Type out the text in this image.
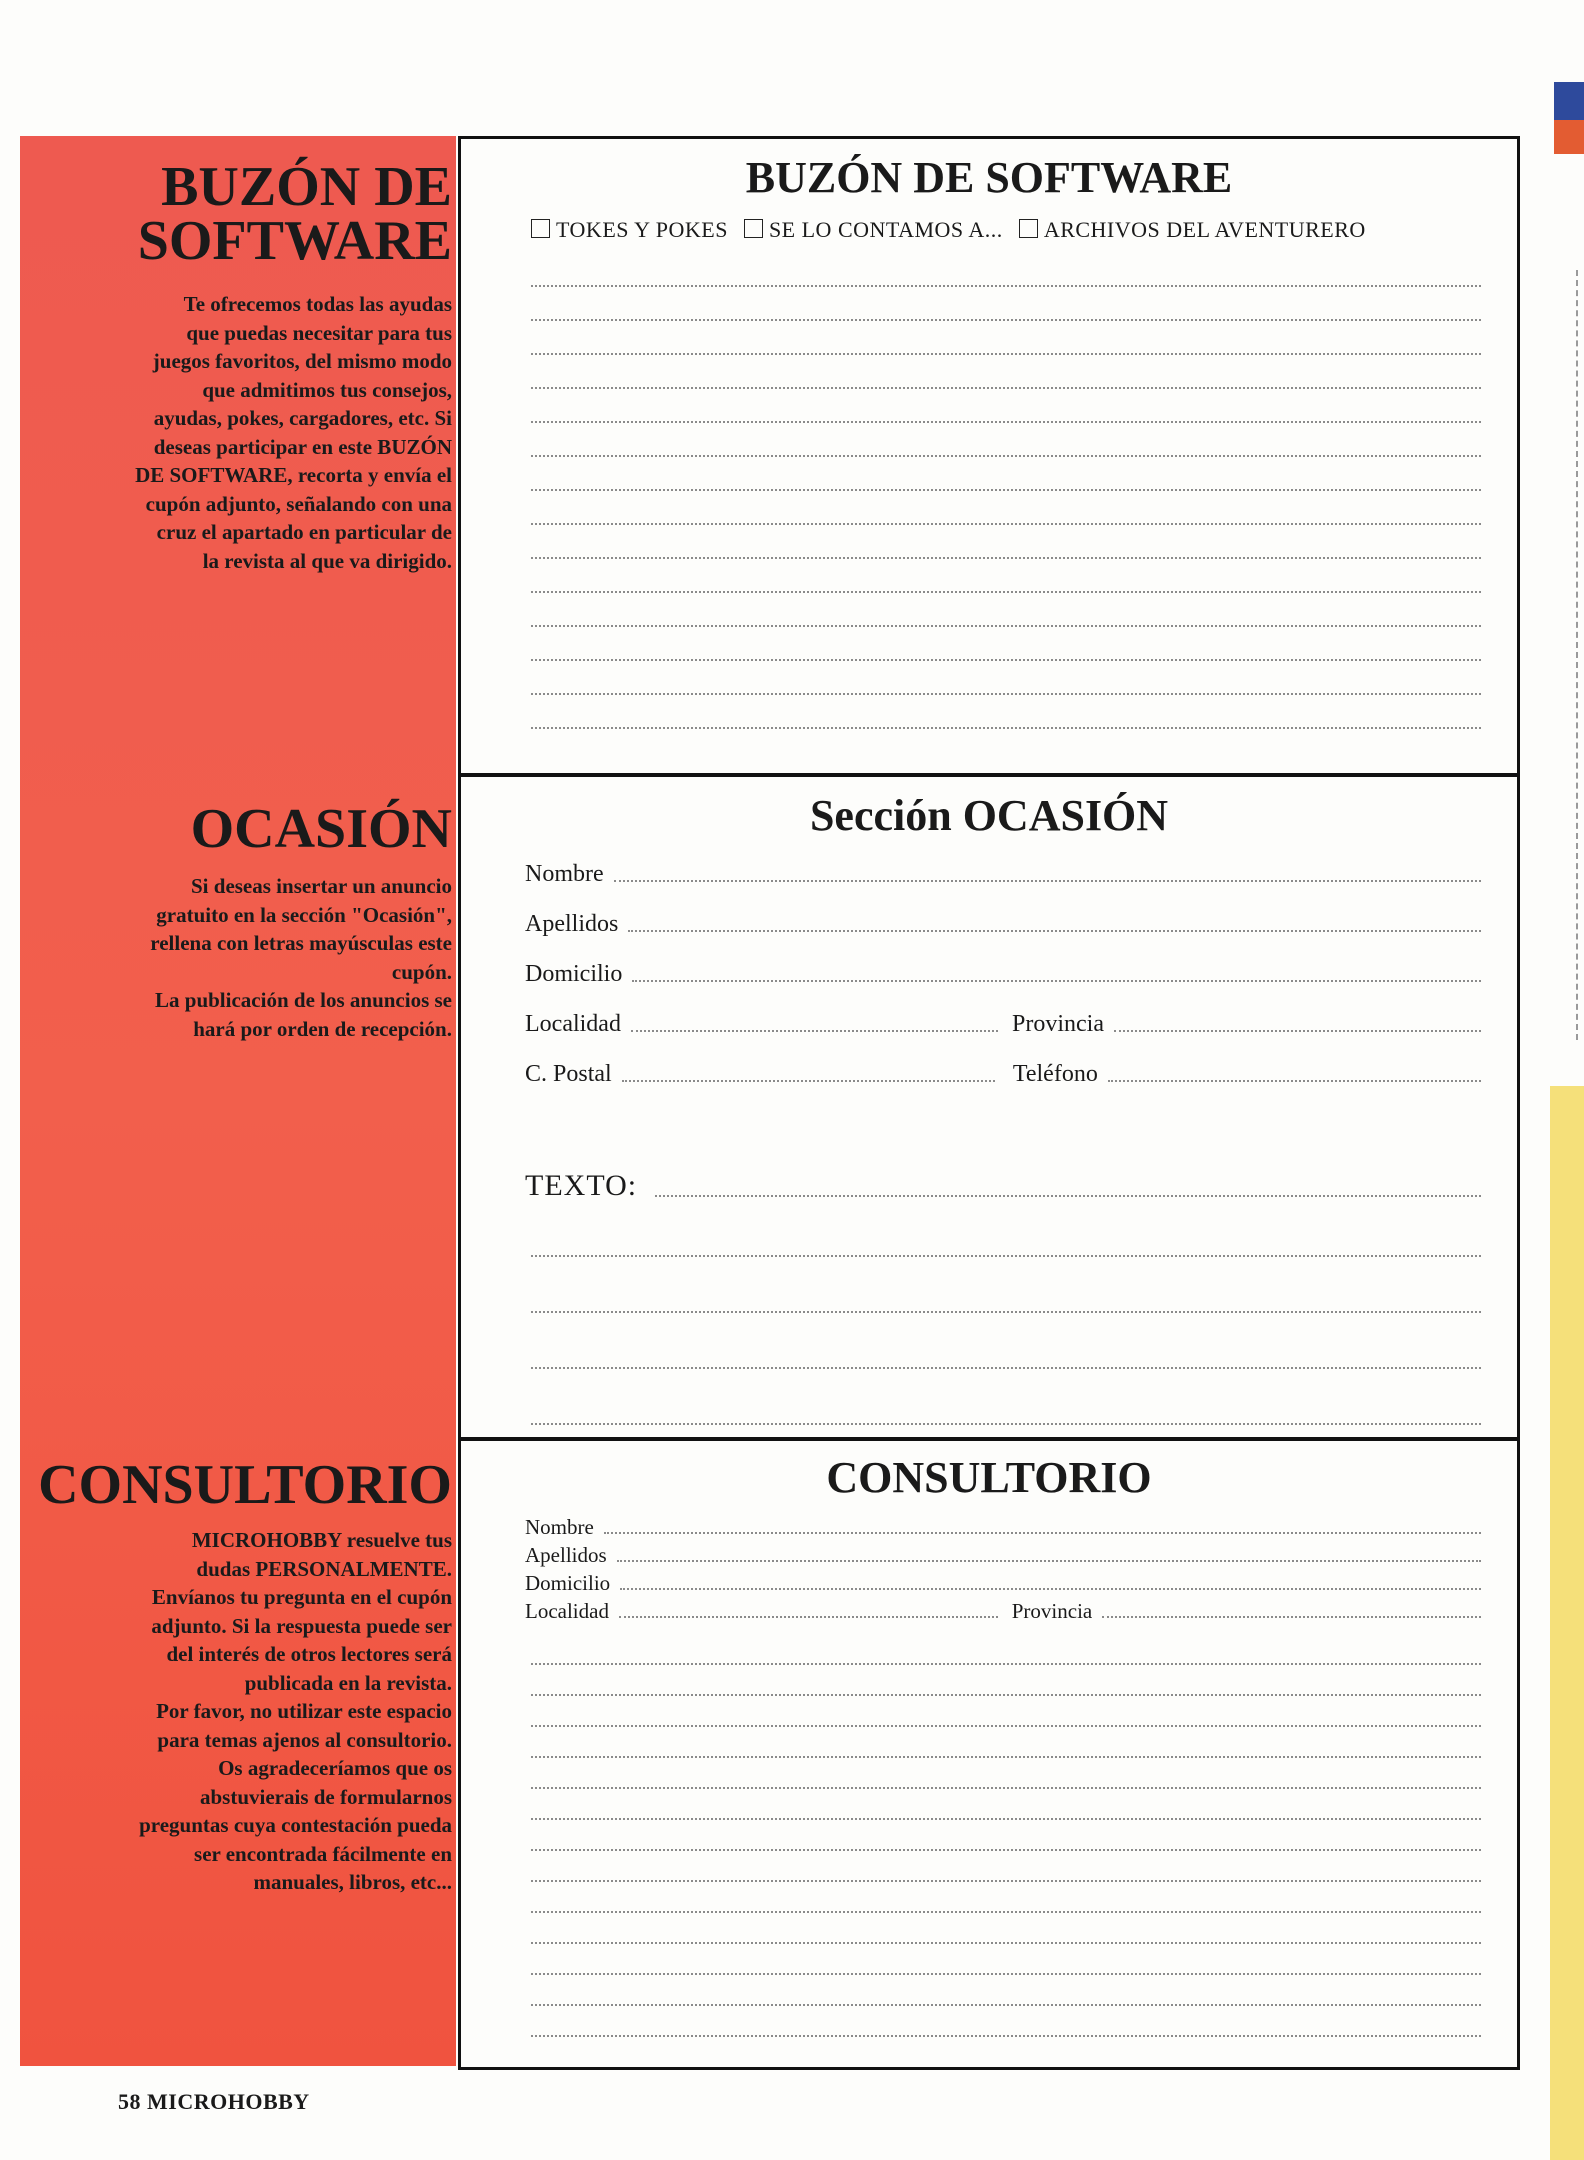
BUZÓN DE
SOFTWARE
Te ofrecemos todas las ayudas
que puedas necesitar para tus
juegos favoritos, del mismo modo
que admitimos tus consejos,
ayudas, pokes, cargadores, etc. Si
deseas participar en este BUZÓN
DE SOFTWARE, recorta y envía el
cupón adjunto, señalando con una
cruz el apartado en particular de
la revista al que va dirigido.
OCASIÓN
Si deseas insertar un anuncio
gratuito en la sección "Ocasión",
rellena con letras mayúsculas este
cupón.
La publicación de los anuncios se
hará por orden de recepción.
CONSULTORIO
MICROHOBBY resuelve tus
dudas PERSONALMENTE.
Envíanos tu pregunta en el cupón
adjunto. Si la respuesta puede ser
del interés de otros lectores será
publicada en la revista.
Por favor, no utilizar este espacio
para temas ajenos al consultorio.
Os agradeceríamos que os
abstuvierais de formularnos
preguntas cuya contestación pueda
ser encontrada fácilmente en
manuales, libros, etc...
BUZÓN DE SOFTWARE
TOKES Y POKES SE LO CONTAMOS A... ARCHIVOS DEL AVENTURERO
Sección OCASIÓN
Nombre
Apellidos
Domicilio
Localidad	Provincia
C. Postal	Teléfono
TEXTO:
CONSULTORIO
Nombre
Apellidos
Domicilio
Localidad	Provincia
58 MICROHOBBY
